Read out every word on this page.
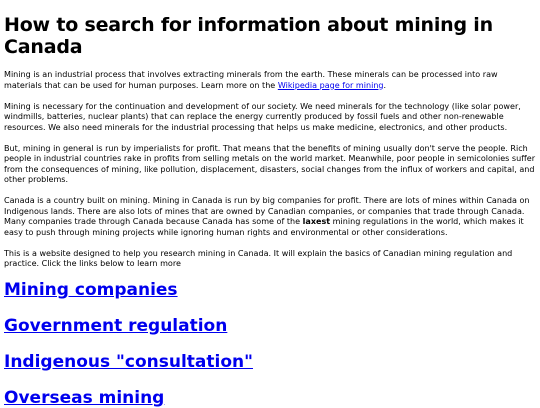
How to search for information about mining in Canada

Mining is an industrial process that involves extracting minerals from the earth. These minerals can be processed into raw materials that can be used for human purposes. Learn more on the Wikipedia page for mining.

Mining is necessary for the continuation and development of our society. We need minerals for the technology (like solar power, windmills, batteries, nuclear plants) that can replace the energy currently produced by fossil fuels and other non-renewable resources. We also need minerals for the industrial processing that helps us make medicine, electronics, and other products.

But, mining in general is run by imperialists for profit. That means that the benefits of mining usually don't serve the people. Rich people in industrial countries rake in profits from selling metals on the world market. Meanwhile, poor people in semicolonies suffer from the consequences of mining, like pollution, displacement, disasters, social changes from the influx of workers and capital, and other problems.

Canada is a country built on mining. Mining in Canada is run by big companies for profit. There are lots of mines within Canada on Indigenous lands. There are also lots of mines that are owned by Canadian companies, or companies that trade through Canada. Many companies trade through Canada because Canada has some of the laxest mining regulations in the world, which makes it easy to push through mining projects while ignoring human rights and environmental or other considerations.

This is a website designed to help you research mining in Canada. It will explain the basics of Canadian mining regulation and practice. Click the links below to learn more

Mining companies
Government regulation
Indigenous "consultation"
Overseas mining
